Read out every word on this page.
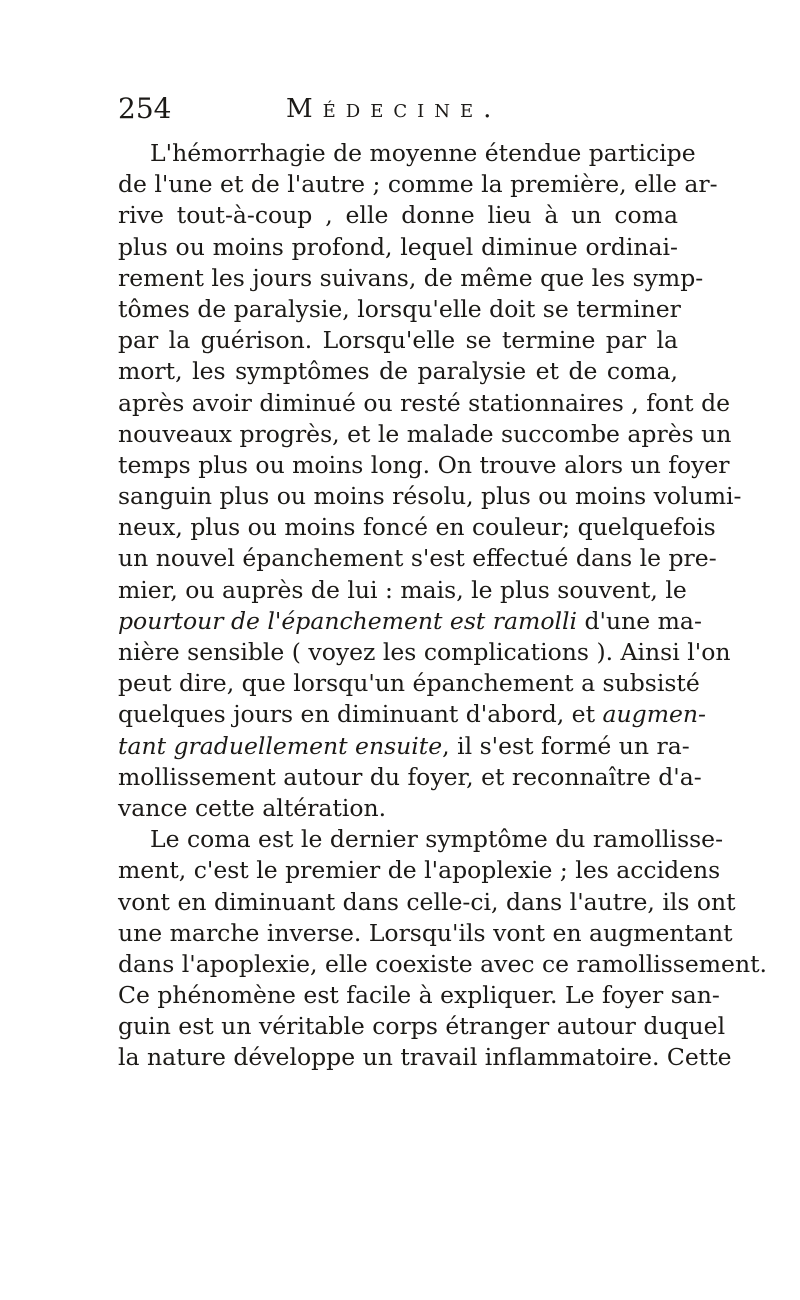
254	Médecine.
L'hémorrhagie de moyenne étendue participe
de l'une et de l'autre ; comme la première, elle ar-
rive tout-à-coup , elle donne lieu à un coma
plus ou moins profond, lequel diminue ordinai-
rement les jours suivans, de même que les symp-
tômes de paralysie, lorsqu'elle doit se terminer
par la guérison. Lorsqu'elle se termine par la
mort, les symptômes de paralysie et de coma,
après avoir diminué ou resté stationnaires , font de
nouveaux progrès, et le malade succombe après un
temps plus ou moins long. On trouve alors un foyer
sanguin plus ou moins résolu, plus ou moins volumi-
neux, plus ou moins foncé en couleur; quelquefois
un nouvel épanchement s'est effectué dans le pre-
mier, ou auprès de lui : mais, le plus souvent, le
pourtour de l'épanchement est ramolli d'une ma-
nière sensible ( voyez les complications ). Ainsi l'on
peut dire, que lorsqu'un épanchement a subsisté
quelques jours en diminuant d'abord, et augmen-
tant graduellement ensuite, il s'est formé un ra-
mollissement autour du foyer, et reconnaître d'a-
vance cette altération.
Le coma est le dernier symptôme du ramollisse-
ment, c'est le premier de l'apoplexie ; les accidens
vont en diminuant dans celle-ci, dans l'autre, ils ont
une marche inverse. Lorsqu'ils vont en augmentant
dans l'apoplexie, elle coexiste avec ce ramollissement.
Ce phénomène est facile à expliquer. Le foyer san-
guin est un véritable corps étranger autour duquel
la nature développe un travail inflammatoire. Cette
